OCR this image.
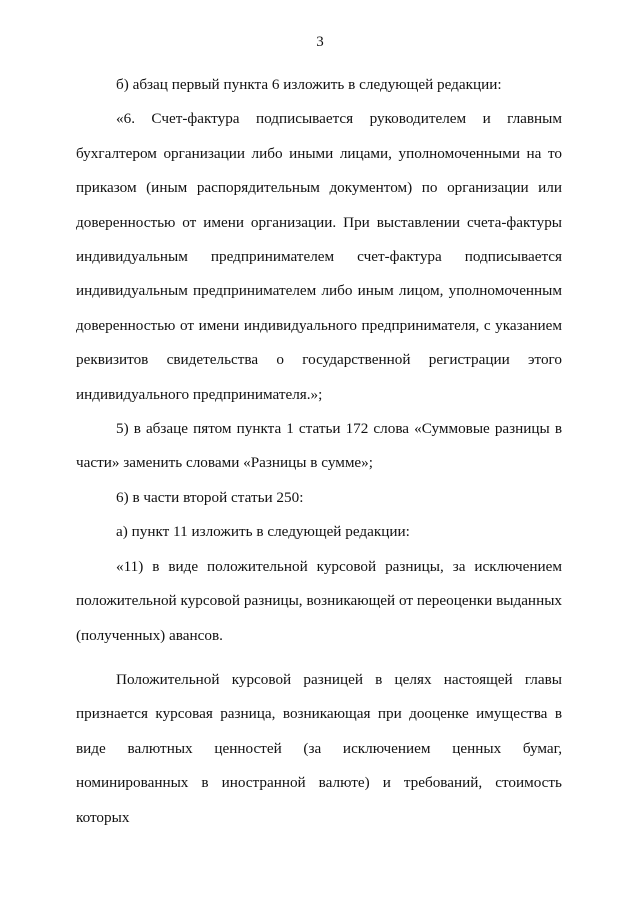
3

б) абзац первый пункта 6 изложить в следующей редакции:

«6. Счет-фактура подписывается руководителем и главным бухгалтером организации либо иными лицами, уполномоченными на то приказом (иным распорядительным документом) по организации или доверенностью от имени организации. При выставлении счета-фактуры индивидуальным предпринимателем счет-фактура подписывается индивидуальным предпринимателем либо иным лицом, уполномоченным доверенностью от имени индивидуального предпринимателя, с указанием реквизитов свидетельства о государственной регистрации этого индивидуального предпринимателя.»;

5) в абзаце пятом пункта 1 статьи 172 слова «Суммовые разницы в части» заменить словами «Разницы в сумме»;

6) в части второй статьи 250:

а) пункт 11 изложить в следующей редакции:

«11) в виде положительной курсовой разницы, за исключением положительной курсовой разницы, возникающей от переоценки выданных (полученных) авансов.

Положительной курсовой разницей в целях настоящей главы признается курсовая разница, возникающая при дооценке имущества в виде валютных ценностей (за исключением ценных бумаг, номинированных в иностранной валюте) и требований, стоимость которых
